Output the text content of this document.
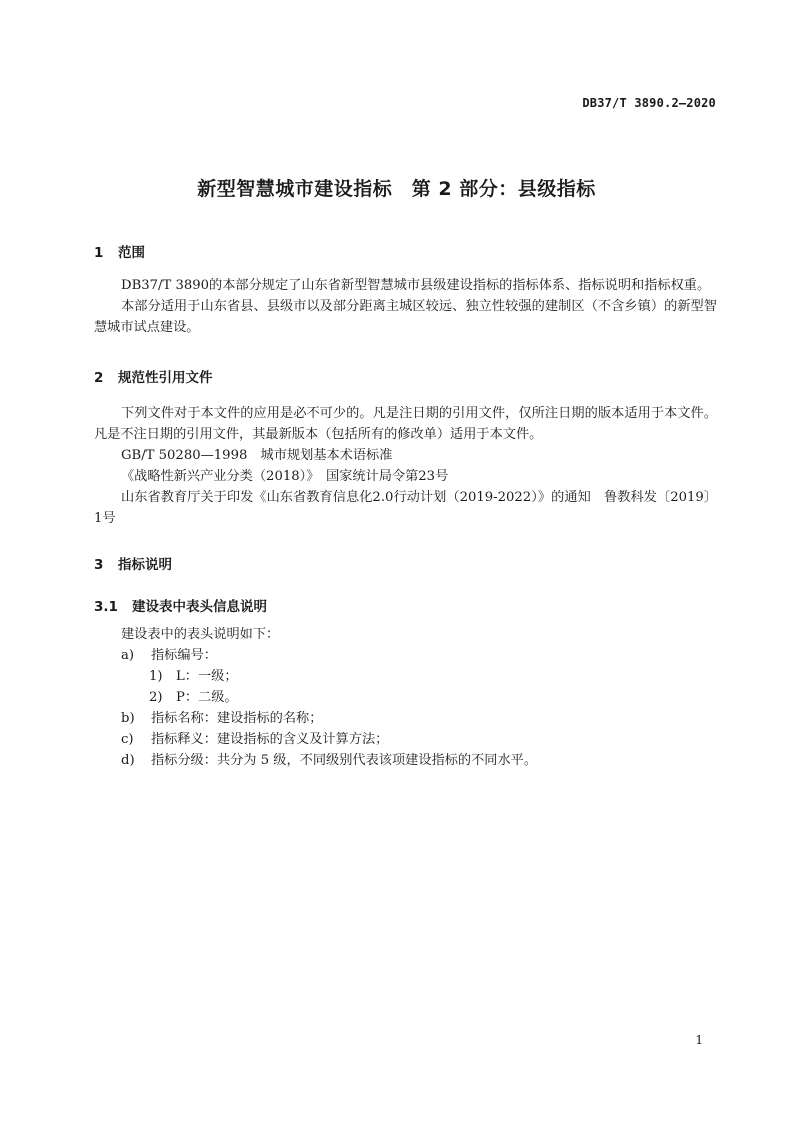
DB37/T 3890.2—2020
新型智慧城市建设指标　第 2 部分：县级指标
1 范围

DB37/T 3890的本部分规定了山东省新型智慧城市县级建设指标的指标体系、指标说明和指标权重。

本部分适用于山东省县、县级市以及部分距离主城区较远、独立性较强的建制区（不含乡镇）的新型智慧城市试点建设。

2 规范性引用文件

下列文件对于本文件的应用是必不可少的。凡是注日期的引用文件，仅所注日期的版本适用于本文件。凡是不注日期的引用文件，其最新版本（包括所有的修改单）适用于本文件。

GB/T 50280—1998　城市规划基本术语标准

《战略性新兴产业分类（2018）》　国家统计局令第23号

山东省教育厅关于印发《山东省教育信息化2.0行动计划（2019-2022）》的通知　鲁教科发〔2019〕1号

3 指标说明
3.1 建设表中表头信息说明
建设表中的表头说明如下：
a) 指标编号：
1) L：一级；
2) P：二级。
b) 指标名称：建设指标的名称；
c) 指标释义：建设指标的含义及计算方法；
d) 指标分级：共分为 5 级，不同级别代表该项建设指标的不同水平。
1
